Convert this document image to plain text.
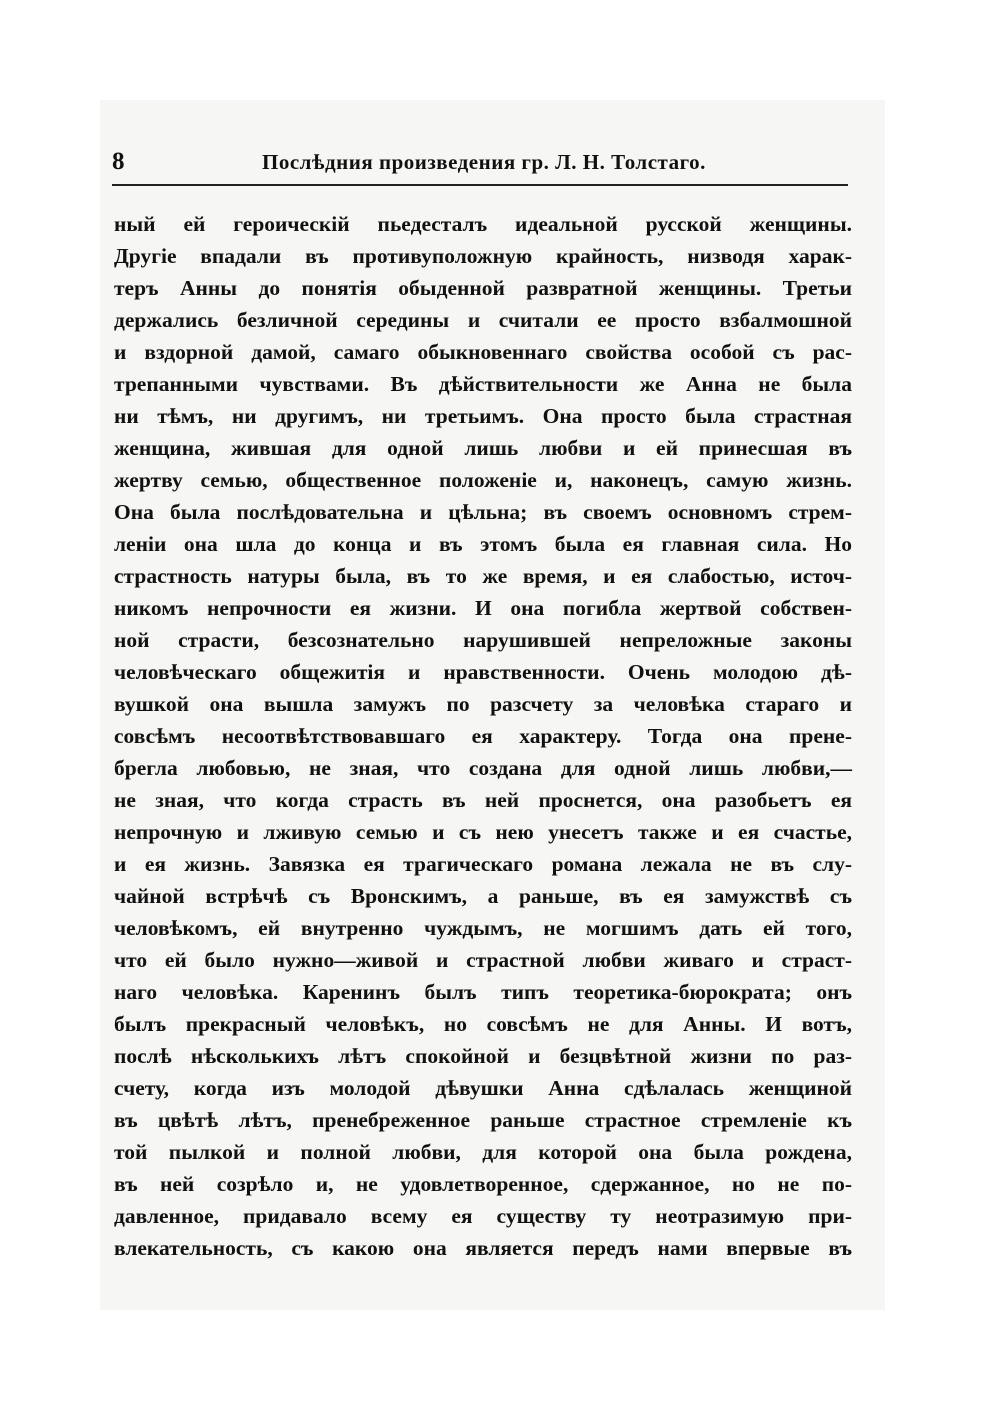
8	Послѣдния произведения гр. Л. Н. Толстаго.
ный ей героическій пьедесталъ идеальной русской женщины.
Другіе впадали въ противуположную крайность, низводя харак-
теръ Анны до понятія обыденной развратной женщины. Третьи
держались безличной середины и считали ее просто взбалмошной
и вздорной дамой, самаго обыкновеннаго свойства особой съ рас-
трепанными чувствами. Въ дѣйствительности же Анна не была
ни тѣмъ, ни другимъ, ни третьимъ. Она просто была страстная
женщина, жившая для одной лишь любви и ей принесшая въ
жертву семью, общественное положеніе и, наконецъ, самую жизнь.
Она была послѣдовательна и цѣльна; въ своемъ основномъ стрем-
леніи она шла до конца и въ этомъ была ея главная сила. Но
страстность натуры была, въ то же время, и ея слабостью, источ-
никомъ непрочности ея жизни. И она погибла жертвой собствен-
ной страсти, безсознательно нарушившей непреложные законы
человѣческаго общежитія и нравственности. Очень молодою дѣ-
вушкой она вышла замужъ по разсчету за человѣка стараго и
совсѣмъ несоотвѣтствовавшаго ея характеру. Тогда она прене-
брегла любовью, не зная, что создана для одной лишь любви,—
не зная, что когда страсть въ ней проснется, она разобьетъ ея
непрочную и лживую семью и съ нею унесетъ также и ея счастье,
и ея жизнь. Завязка ея трагическаго романа лежала не въ слу-
чайной встрѣчѣ съ Вронскимъ, а раньше, въ ея замужствѣ съ
человѣкомъ, ей внутренно чуждымъ, не могшимъ дать ей того,
что ей было нужно—живой и страстной любви живаго и страст-
наго человѣка. Каренинъ былъ типъ теоретика-бюрократа; онъ
былъ прекрасный человѣкъ, но совсѣмъ не для Анны. И вотъ,
послѣ нѣсколькихъ лѣтъ спокойной и безцвѣтной жизни по раз-
счету, когда изъ молодой дѣвушки Анна сдѣлалась женщиной
въ цвѣтѣ лѣтъ, пренебреженное раньше страстное стремленіе къ
той пылкой и полной любви, для которой она была рождена,
въ ней созрѣло и, не удовлетворенное, сдержанное, но не по-
давленное, придавало всему ея существу ту неотразимую при-
влекательность, съ какою она является передъ нами впервые въ
